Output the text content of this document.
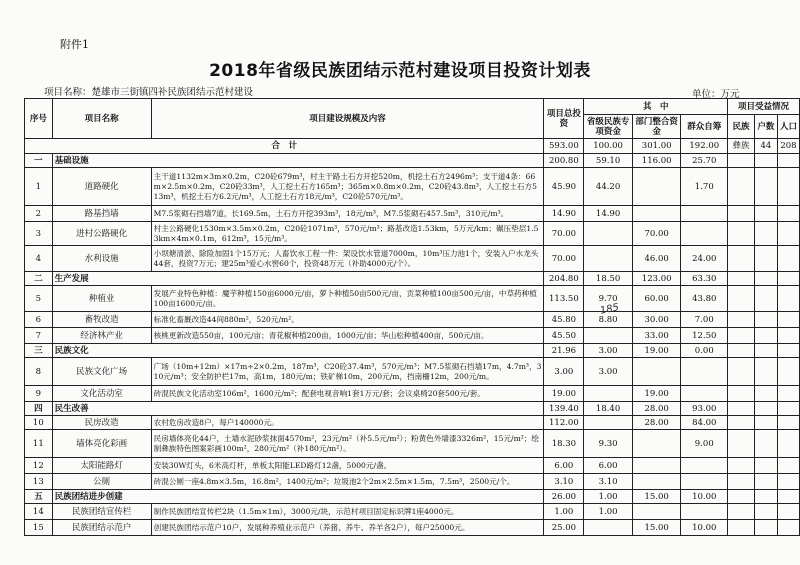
附件1
2018年省级民族团结示范村建设项目投资计划表
项目名称：楚雄市三街镇四补民族团结示范村建设	单位：万元
序号	项目名称	项目建设规模及内容	项目总投资	其　中			项目受益情况		
				省级民族专项资金	部门整合资金	群众自筹	民族	户数	人口
合　计			593.00	100.00	301.00	192.00	彝族	44	208
一	基础设施		200.80	59.10	116.00	25.70			
1	道路硬化	主干道1132m×3m×0.2m，C20砼679m³，村主干路土石方开挖520m，机挖土石方2496m³；支干道4条：66m×2.5m×0.2m，C20砼33m³，人工挖土石方165m³；365m×0.8m×0.2m，C20砼43.8m³，人工挖土石方513m³，机挖土石方6.2元/m³，人工挖土石方18元/m³，C20砼570元/m³。	45.90	44.20		1.70			
2	路基挡墙	M7.5浆砌石挡墙7道，长169.5m，土石方开挖393m³，18元/m³，M7.5浆砌石457.5m³，310元/m³。	14.90	14.90					
3	进村公路硬化	村主公路硬化1530m×3.5m×0.2m，C20砼1071m³，570元/m³；路基改造1.53km，5万元/km；碾压垫层1.53km×4m×0.1m，612m³，15元/m³。	70.00		70.00				
4	水利设施	小坝塘清淤、除险加固1个15万元；人畜饮水工程一件：架设饮水管道7000m，10m³压力池1个，安装入户水龙头44套，投资7万元；建25m³爱心水窖60个，投资48万元（补助4000元/个）。	70.00		46.00	24.00			
二	生产发展		204.80	18.50	123.00	63.30			
5	种植业	发展产业特色种植：魔芋种植150亩6000元/亩，萝卜种植50亩500元/亩，贡菜种植100亩500元/亩，中草药种植100亩1600元/亩。	113.50	9.70	60.00	43.80			
6	畜牧改造	标准化畜厩改造44间880m²，520元/m²。	45.80	8.80	30.00	7.00			
7	经济林产业	核桃更新改造550亩，100元/亩；青花椒种植200亩，1000元/亩；华山松种植400亩，500元/亩。	45.50		33.00	12.50			
三	民族文化		21.96	3.00	19.00	0.00			
8	民族文化广场	广场（10m+12m）×17m÷2×0.2m，187m³，C20砼37.4m³，570元/m³；M7.5浆砌石挡墙17m，4.7m³，310元/m³；安全防护栏17m，高1m，180元/m；铁矿梯10m，200元/m，挡南柵12m，200元/m。	3.00	3.00					
9	文化活动室	砖混民族文化活动室106m²，1600元/m²；配套电视音响1套1万元/套；会议桌椅20套500元/套。	19.00		19.00				
四	民生改善		139.40	18.40	28.00	93.00			
10	民房改造	农村危房改造8户，每户140000元。	112.00		28.00	84.00			
11	墙体亮化彩画	民房墙体亮化44户，土墙水泥砂浆抹面4570m²，23元/m²（补5.5元/m²）；粉黄色外墙漆3326m²，15元/m²；绘制彝族特色图案彩画100m²，280元/m²（补180元/m²）。	18.30	9.30		9.00			
12	太阳能路灯	安装30W灯头，6米高灯杆，单板太阳能LED路灯12盏，5000元/盏。	6.00	6.00					
13	公厕	砖混公厕一座4.8m×3.5m，16.8m²，1400元/m²；垃圾池2个2m×2.5m×1.5m，7.5m³，2500元/个。	3.10	3.10					
五	民族团结进步创建		26.00	1.00	15.00	10.00			
14	民族团结宣传栏	制作民族团结宣传栏2块（1.5m×1m），3000元/块，示范村项目固定标识牌1座4000元。	1.00	1.00					
15	民族团结示范户	创建民族团结示范户10户，发展种养殖业示范户（养猪、养牛、养羊各2户），每户25000元。	25.00		15.00	10.00			
185
